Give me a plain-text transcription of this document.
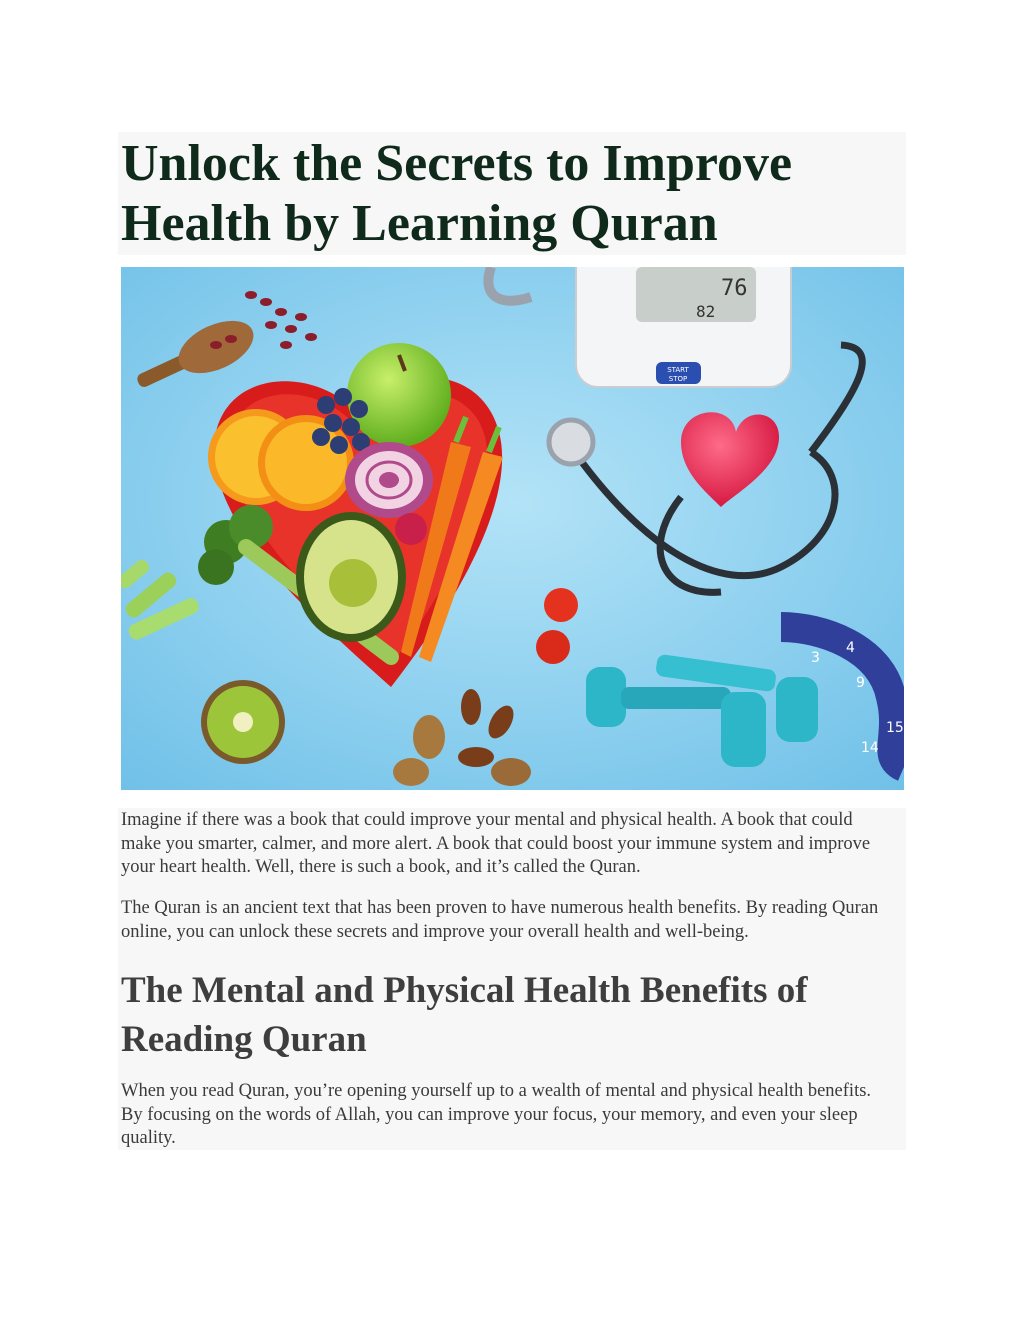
Unlock the Secrets to Improve Health by Learning Quran
76
82
START
STOP
3
4
9
14
15

Imagine if there was a book that could improve your mental and physical health. A book that could make you smarter, calmer, and more alert. A book that could boost your immune system and improve your heart health. Well, there is such a book, and it’s called the Quran.

The Quran is an ancient text that has been proven to have numerous health benefits. By reading Quran online, you can unlock these secrets and improve your overall health and well-being.

The Mental and Physical Health Benefits of Reading Quran

When you read Quran, you’re opening yourself up to a wealth of mental and physical health benefits. By focusing on the words of Allah, you can improve your focus, your memory, and even your sleep quality.
